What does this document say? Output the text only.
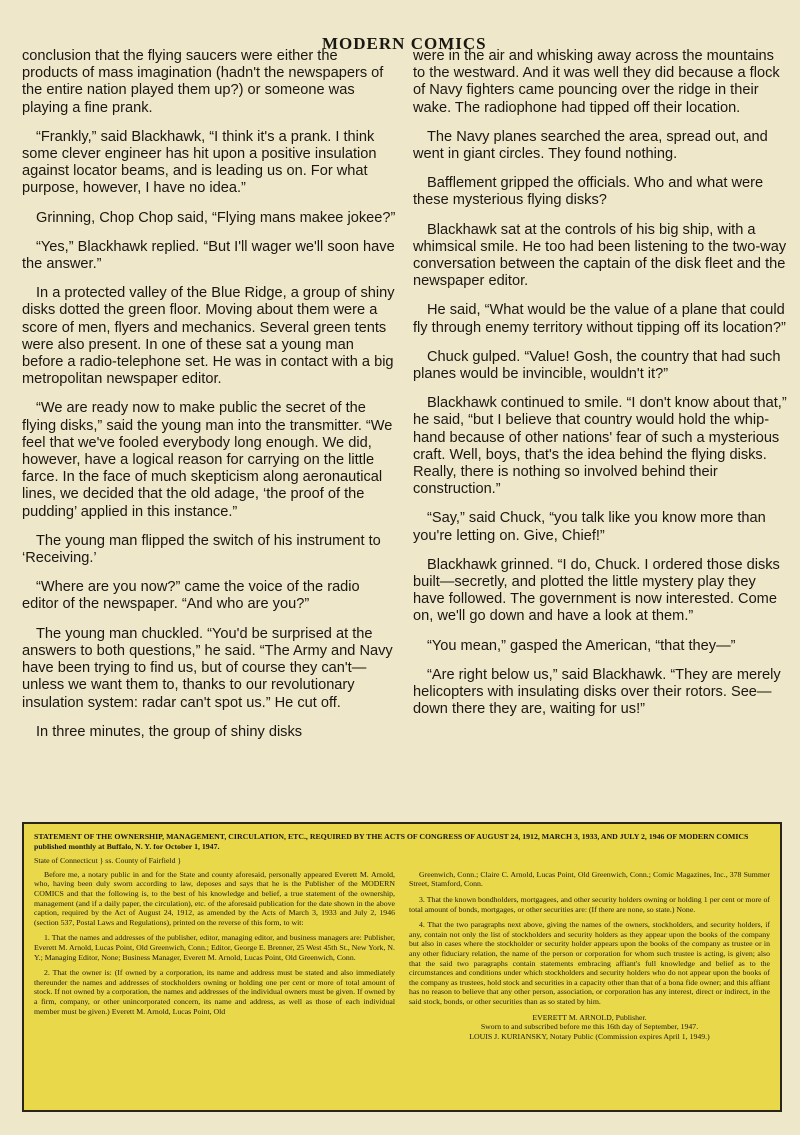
MODERN COMICS

conclusion that the flying saucers were either the products of mass imagination (hadn't the newspapers of the entire nation played them up?) or someone was playing a fine prank.

“Frankly,” said Blackhawk, “I think it's a prank. I think some clever engineer has hit upon a positive insulation against locator beams, and is leading us on. For what purpose, however, I have no idea.”

Grinning, Chop Chop said, “Flying mans makee jokee?”

“Yes,” Blackhawk replied. “But I'll wager we'll soon have the answer.”

In a protected valley of the Blue Ridge, a group of shiny disks dotted the green floor. Moving about them were a score of men, flyers and mechanics. Several green tents were also present. In one of these sat a young man before a radio-telephone set. He was in contact with a big metropolitan newspaper editor.

“We are ready now to make public the secret of the flying disks,” said the young man into the transmitter. “We feel that we've fooled everybody long enough. We did, however, have a logical reason for carrying on the little farce. In the face of much skepticism along aeronautical lines, we decided that the old adage, ‘the proof of the pudding’ applied in this instance.”

The young man flipped the switch of his instrument to ‘Receiving.’

“Where are you now?” came the voice of the radio editor of the newspaper. “And who are you?”

The young man chuckled. “You'd be surprised at the answers to both questions,” he said. “The Army and Navy have been trying to find us, but of course they can't—unless we want them to, thanks to our revolutionary insulation system: radar can't spot us.” He cut off.

In three minutes, the group of shiny disks

were in the air and whisking away across the mountains to the westward. And it was well they did because a flock of Navy fighters came pouncing over the ridge in their wake. The radiophone had tipped off their location.

The Navy planes searched the area, spread out, and went in giant circles. They found nothing.

Bafflement gripped the officials. Who and what were these mysterious flying disks?

Blackhawk sat at the controls of his big ship, with a whimsical smile. He too had been listening to the two-way conversation between the captain of the disk fleet and the newspaper editor.

He said, “What would be the value of a plane that could fly through enemy territory without tipping off its location?”

Chuck gulped. “Value! Gosh, the country that had such planes would be invincible, wouldn't it?”

Blackhawk continued to smile. “I don't know about that,” he said, “but I believe that country would hold the whip-hand because of other nations' fear of such a mysterious craft. Well, boys, that's the idea behind the flying disks. Really, there is nothing so involved behind their construction.”

“Say,” said Chuck, “you talk like you know more than you're letting on. Give, Chief!”

Blackhawk grinned. “I do, Chuck. I ordered those disks built—secretly, and plotted the little mystery play they have followed. The government is now interested. Come on, we'll go down and have a look at them.”

“You mean,” gasped the American, “that they—”

“Are right below us,” said Blackhawk. “They are merely helicopters with insulating disks over their rotors. See—down there they are, waiting for us!”

STATEMENT OF THE OWNERSHIP, MANAGEMENT, CIRCULATION, ETC., REQUIRED BY THE ACTS OF CONGRESS OF AUGUST 24, 1912, MARCH 3, 1933, AND JULY 2, 1946 OF MODERN COMICS published monthly at Buffalo, N. Y. for October 1, 1947.

State of Connecticut } ss. County of Fairfield }

Before me, a notary public in and for the State and county aforesaid, personally appeared Everett M. Arnold, who, having been duly sworn according to law, deposes and says that he is the Publisher of the MODERN COMICS and that the following is, to the best of his knowledge and belief, a true statement of the ownership, management (and if a daily paper, the circulation), etc. of the aforesaid publication for the date shown in the above caption, required by the Act of August 24, 1912, as amended by the Acts of March 3, 1933 and July 2, 1946 (section 537, Postal Laws and Regulations), printed on the reverse of this form, to wit:

1. That the names and addresses of the publisher, editor, managing editor, and business managers are: Publisher, Everett M. Arnold, Lucas Point, Old Greenwich, Conn.; Editor, George E. Brenner, 25 West 45th St., New York, N. Y.; Managing Editor, None; Business Manager, Everett M. Arnold, Lucas Point, Old Greenwich, Conn.

2. That the owner is: (If owned by a corporation, its name and address must be stated and also immediately thereunder the names and addresses of stockholders owning or holding one per cent or more of total amount of stock. If not owned by a corporation, the names and addresses of the individual owners must be given. If owned by a firm, company, or other unincorporated concern, its name and address, as well as those of each individual member must be given.) Everett M. Arnold, Lucas Point, Old

Greenwich, Conn.; Claire C. Arnold, Lucas Point, Old Greenwich, Conn.; Comic Magazines, Inc., 378 Summer Street, Stamford, Conn.

3. That the known bondholders, mortgagees, and other security holders owning or holding 1 per cent or more of total amount of bonds, mortgages, or other securities are: (If there are none, so state.) None.

4. That the two paragraphs next above, giving the names of the owners, stockholders, and security holders, if any, contain not only the list of stockholders and security holders as they appear upon the books of the company but also in cases where the stockholder or security holder appears upon the books of the company as trustee or in any other fiduciary relation, the name of the person or corporation for whom such trustee is acting, is given; also that the said two paragraphs contain statements embracing affiant's full knowledge and belief as to the circumstances and conditions under which stockholders and security holders who do not appear upon the books of the company as trustees, hold stock and securities in a capacity other than that of a bona fide owner; and this affiant has no reason to believe that any other person, association, or corporation has any interest, direct or indirect, in the said stock, bonds, or other securities than as so stated by him.

EVERETT M. ARNOLD, Publisher.

Sworn to and subscribed before me this 16th day of September, 1947.

LOUIS J. KURIANSKY, Notary Public (Commission expires April 1, 1949.)
